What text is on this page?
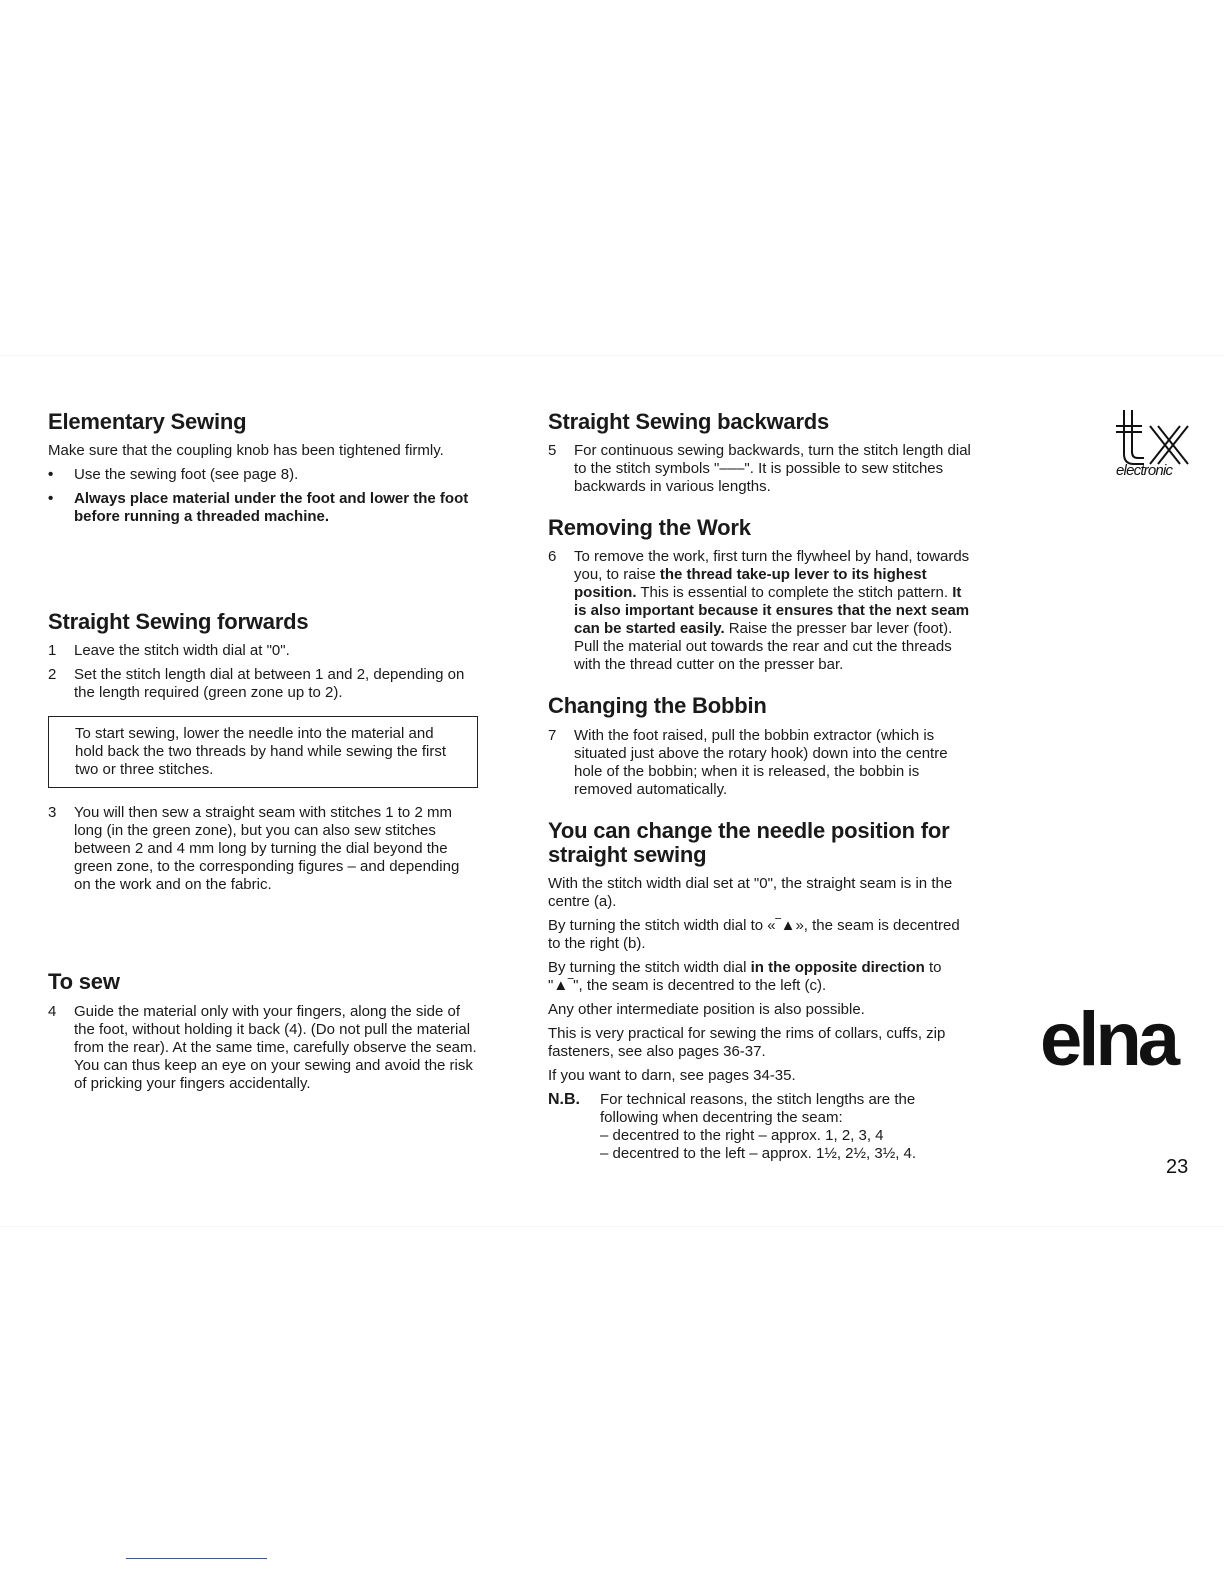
Elementary Sewing

Make sure that the coupling knob has been tightened firmly.

•	Use the sewing foot (see page 8).
•	Always place material under the foot and lower the foot before running a threaded machine.
Straight Sewing forwards
1	Leave the stitch width dial at "0".
2	Set the stitch length dial at between 1 and 2, depending on the length required (green zone up to 2).
To start sewing, lower the needle into the material and hold back the two threads by hand while sewing the first two or three stitches.
3	You will then sew a straight seam with stitches 1 to 2 mm long (in the green zone), but you can also sew stitches between 2 and 4 mm long by turning the dial beyond the green zone, to the corresponding figures – and depending on the work and on the fabric.
To sew
4	Guide the material only with your fingers, along the side of the foot, without holding it back (4). (Do not pull the material from the rear). At the same time, carefully observe the seam. You can thus keep an eye on your sewing and avoid the risk of pricking your fingers accidentally.
Straight Sewing backwards
5	For continuous sewing backwards, turn the stitch length dial to the stitch symbols "–––". It is possible to sew stitches backwards in various lengths.
Removing the Work
6	To remove the work, first turn the flywheel by hand, towards you, to raise the thread take-up lever to its highest position. This is essential to complete the stitch pattern. It is also important because it ensures that the next seam can be started easily. Raise the presser bar lever (foot). Pull the material out towards the rear and cut the threads with the thread cutter on the presser bar.
Changing the Bobbin
7	With the foot raised, pull the bobbin extractor (which is situated just above the rotary hook) down into the centre hole of the bobbin; when it is released, the bobbin is removed automatically.
You can change the needle position for straight sewing

With the stitch width dial set at "0", the straight seam is in the centre (a).

By turning the stitch width dial to «‾▲», the seam is decentred to the right (b).

By turning the stitch width dial in the opposite direction to "▲‾", the seam is decentred to the left (c).

Any other intermediate position is also possible.

This is very practical for sewing the rims of collars, cuffs, zip fasteners, see also pages 36-37.

If you want to darn, see pages 34-35.

N.B.	For technical reasons, the stitch lengths are the following when decentring the seam:
– decentred to the right – approx. 1, 2, 3, 4
– decentred to the left – approx. 1½, 2½, 3½, 4.
electronic
elna
23
